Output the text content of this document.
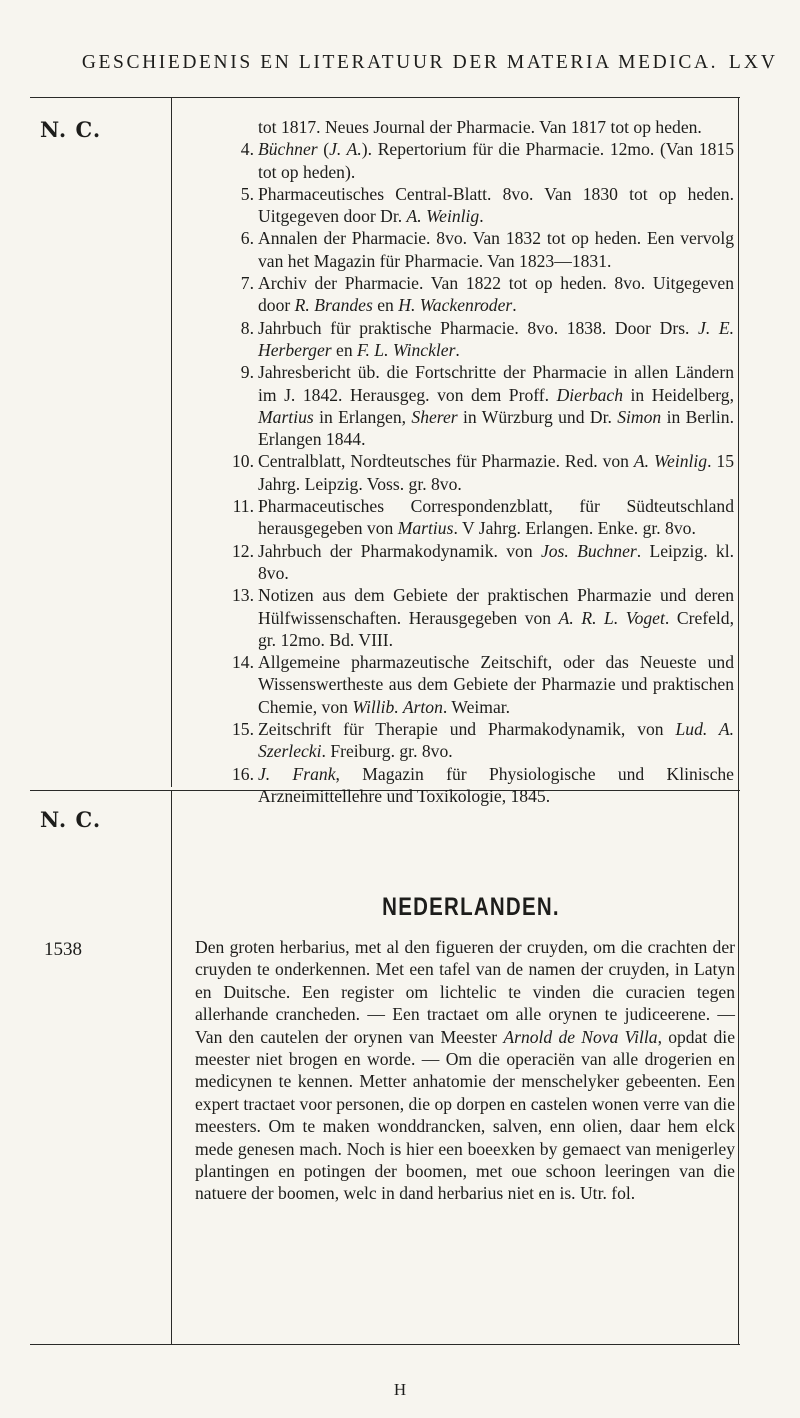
GESCHIEDENIS EN LITERATUUR DER MATERIA MEDICA. LXV
N. C.
N. C.
1538
tot 1817. Neues Journal der Pharmacie. Van 1817 tot op heden.
4. Büchner (J. A.). Repertorium für die Pharmacie. 12mo. (Van 1815 tot op heden).
5. Pharmaceutisches Central-Blatt. 8vo. Van 1830 tot op heden. Uitgegeven door Dr. A. Weinlig.
6. Annalen der Pharmacie. 8vo. Van 1832 tot op heden. Een vervolg van het Magazin für Pharmacie. Van 1823—1831.
7. Archiv der Pharmacie. Van 1822 tot op heden. 8vo. Uitgegeven door R. Brandes en H. Wackenroder.
8. Jahrbuch für praktische Pharmacie. 8vo. 1838. Door Drs. J. E. Herberger en F. L. Winckler.
9. Jahresbericht üb. die Fortschritte der Pharmacie in allen Ländern im J. 1842. Herausgeg. von dem Proff. Dierbach in Heidelberg, Martius in Erlangen, Sherer in Würzburg und Dr. Simon in Berlin. Erlangen 1844.
10. Centralblatt, Nordteutsches für Pharmazie. Red. von A. Weinlig. 15 Jahrg. Leipzig. Voss. gr. 8vo.
11. Pharmaceutisches Correspondenzblatt, für Südteutschland herausgegeben von Martius. V Jahrg. Erlangen. Enke. gr. 8vo.
12. Jahrbuch der Pharmakodynamik. von Jos. Buchner. Leipzig. kl. 8vo.
13. Notizen aus dem Gebiete der praktischen Pharmazie und deren Hülfwissenschaften. Herausgegeben von A. R. L. Voget. Crefeld, gr. 12mo. Bd. VIII.
14. Allgemeine pharmazeutische Zeitschift, oder das Neueste und Wissenswertheste aus dem Gebiete der Pharmazie und praktischen Chemie, von Willib. Arton. Weimar.
15. Zeitschrift für Therapie und Pharmakodynamik, von Lud. A. Szerlecki. Freiburg. gr. 8vo.
16. J. Frank, Magazin für Physiologische und Klinische Arzneimittellehre und Toxikologie, 1845.
NEDERLANDEN.
Den groten herbarius, met al den figueren der cruyden, om die crachten der cruyden te onderkennen. Met een tafel van de namen der cruyden, in Latyn en Duitsche. Een register om lichtelic te vinden die curacien tegen allerhande crancheden. — Een tractaet om alle orynen te judiceerene. — Van den cautelen der orynen van Meester Arnold de Nova Villa, opdat die meester niet brogen en worde. — Om die operaciën van alle drogerien en medicynen te kennen. Metter anhatomie der menschelyker gebeenten. Een expert tractaet voor personen, die op dorpen en castelen wonen verre van die meesters. Om te maken wonddrancken, salven, enn olien, daar hem elck mede genesen mach. Noch is hier een boeexken by gemaect van menigerley plantingen en potingen der boomen, met oue schoon leeringen van die natuere der boomen, welc in dand herbarius niet en is. Utr. fol.
H
